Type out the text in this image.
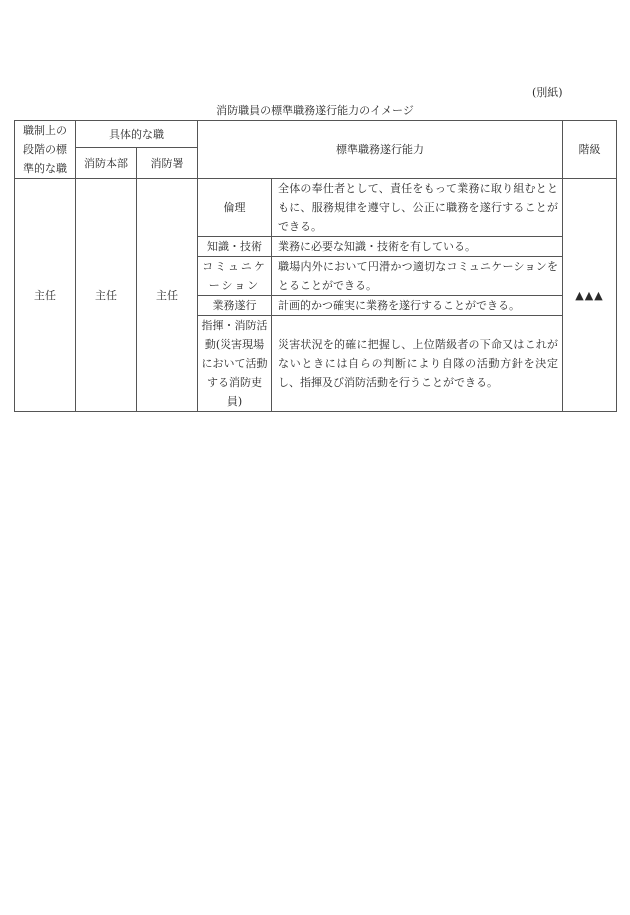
(別紙)
消防職員の標準職務遂行能力のイメージ
職制上の段階の標準的な職	具体的な職		標準職務遂行能力		階級
	消防本部	消防署			
主任	主任	主任	倫理	全体の奉仕者として、責任をもって業務に取り組むとともに、服務規律を遵守し、公正に職務を遂行することができる。	▲▲▲
			知識・技術	業務に必要な知識・技術を有している。	
			コミュニケーション	職場内外において円滑かつ適切なコミュニケーションをとることができる。	
			業務遂行	計画的かつ確実に業務を遂行することができる。	
			指揮・消防活動(災害現場において活動する消防吏員)	災害状況を的確に把握し、上位階級者の下命又はこれがないときには自らの判断により自隊の活動方針を決定し、指揮及び消防活動を行うことができる。	
